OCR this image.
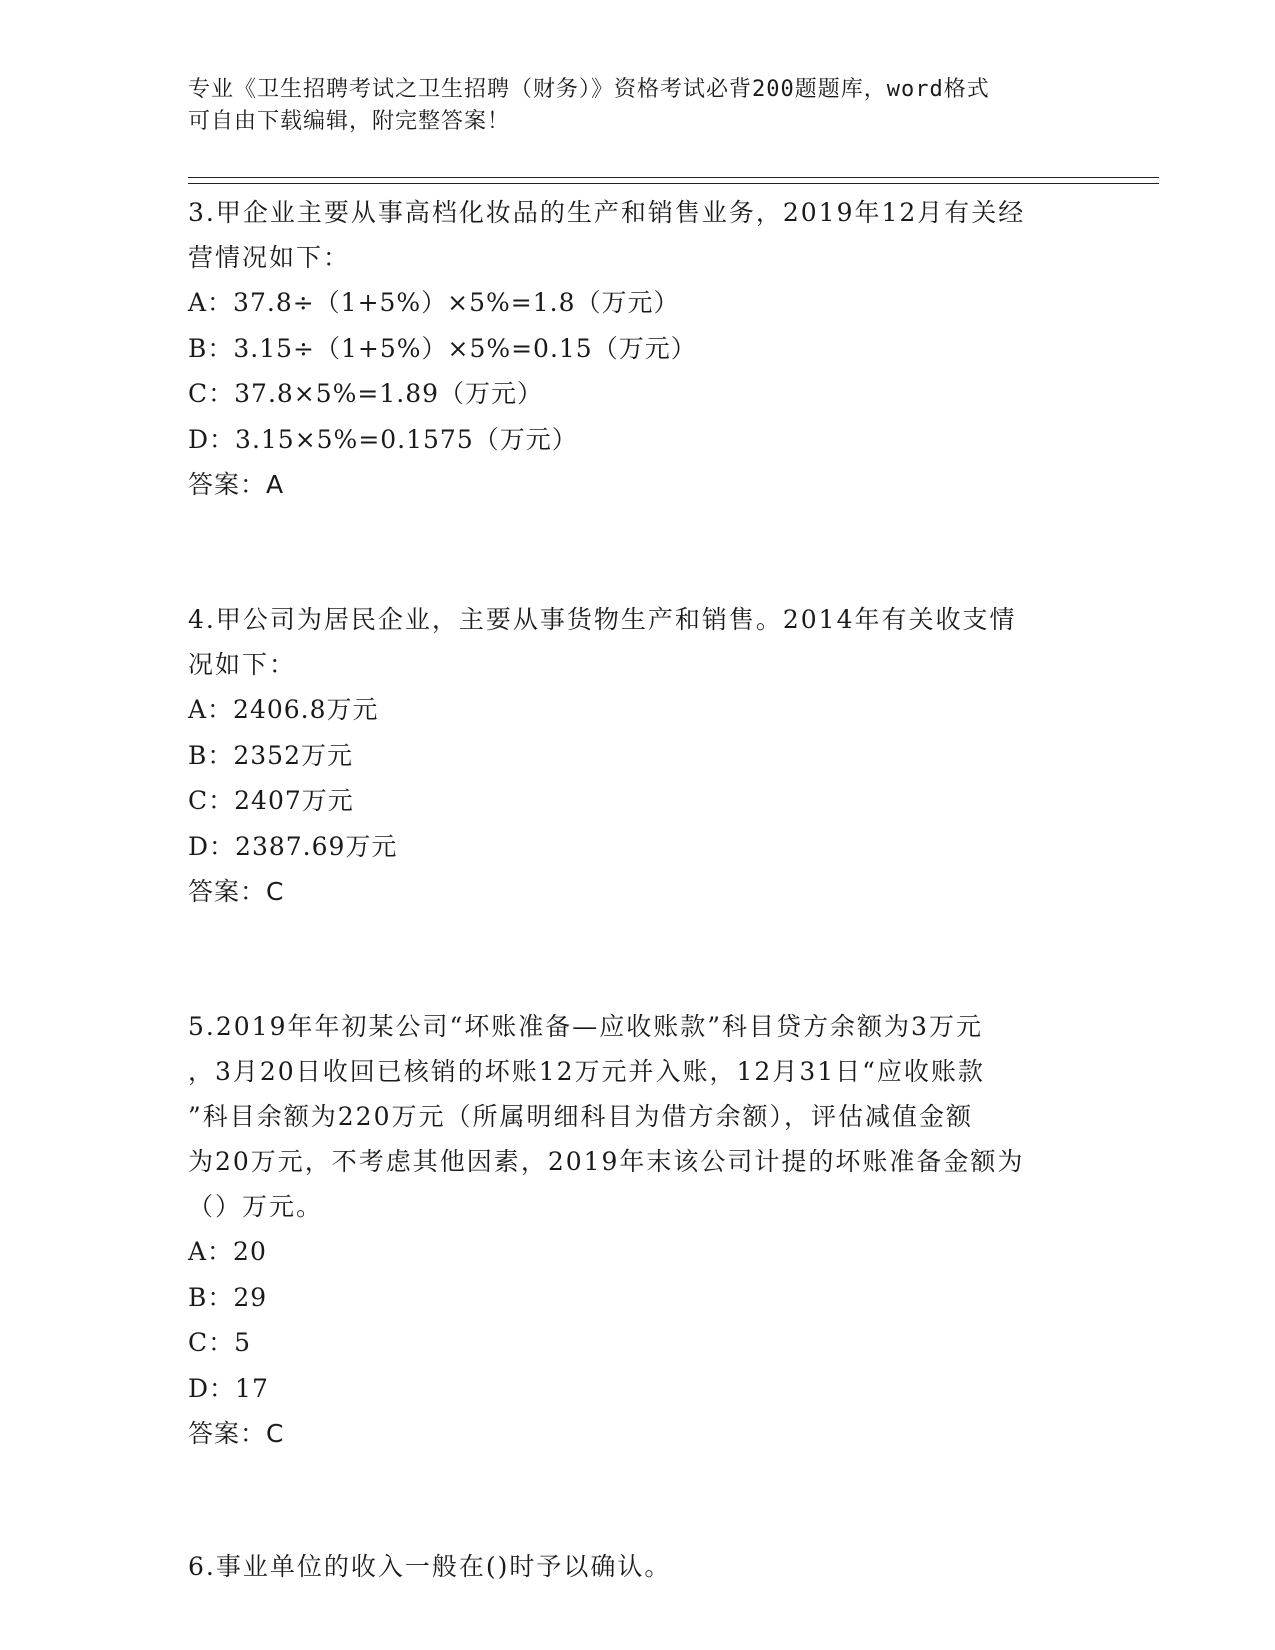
专业《卫生招聘考试之卫生招聘（财务）》资格考试必背200题题库，word格式
可自由下载编辑，附完整答案！
3.甲企业主要从事高档化妆品的生产和销售业务，2019年12月有关经
营情况如下：
A：37.8÷（1+5%）×5%=1.8（万元）
B：3.15÷（1+5%）×5%=0.15（万元）
C：37.8×5%=1.89（万元）
D：3.15×5%=0.1575（万元）
答案：A
4.甲公司为居民企业，主要从事货物生产和销售。2014年有关收支情
况如下：
A：2406.8万元
B：2352万元
C：2407万元
D：2387.69万元
答案：C
5.2019年年初某公司“坏账准备—应收账款”科目贷方余额为3万元
，3月20日收回已核销的坏账12万元并入账，12月31日“应收账款
”科目余额为220万元（所属明细科目为借方余额），评估减值金额
为20万元，不考虑其他因素，2019年末该公司计提的坏账准备金额为
（）万元。
A：20
B：29
C：5
D：17
答案：C
6.事业单位的收入一般在()时予以确认。
